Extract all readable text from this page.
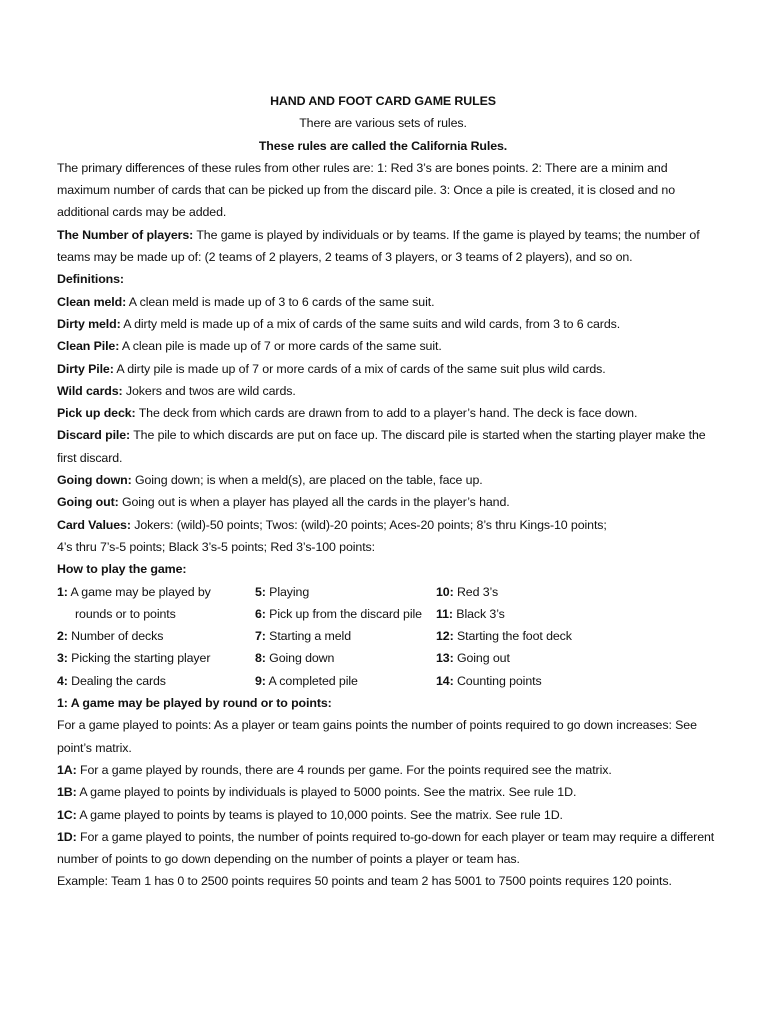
HAND AND FOOT CARD GAME RULES

There are various sets of rules.

These rules are called the California Rules.

The primary differences of these rules from other rules are: 1: Red 3’s are bones points. 2: There are a minim and maximum number of cards that can be picked up from the discard pile. 3: Once a pile is created, it is closed and no additional cards may be added.

The Number of players: The game is played by individuals or by teams. If the game is played by teams; the number of teams may be made up of: (2 teams of 2 players, 2 teams of 3 players, or 3 teams of 2 players), and so on.

Definitions:

Clean meld: A clean meld is made up of 3 to 6 cards of the same suit.

Dirty meld: A dirty meld is made up of a mix of cards of the same suits and wild cards, from 3 to 6 cards.

Clean Pile: A clean pile is made up of 7 or more cards of the same suit.

Dirty Pile: A dirty pile is made up of 7 or more cards of a mix of cards of the same suit plus wild cards.

Wild cards: Jokers and twos are wild cards.

Pick up deck: The deck from which cards are drawn from to add to a player’s hand. The deck is face down.

Discard pile: The pile to which discards are put on face up. The discard pile is started when the starting player make the first discard.

Going down: Going down; is when a meld(s), are placed on the table, face up.

Going out: Going out is when a player has played all the cards in the player’s hand.

Card Values: Jokers: (wild)-50 points; Twos: (wild)-20 points; Aces-20 points; 8’s thru Kings-10 points;

4’s thru 7’s-5 points; Black 3’s-5 points; Red 3’s-100 points:

How to play the game:

1: A game may be played by	5: Playing	10: Red 3’s
rounds or to points	6: Pick up from the discard pile	11: Black 3’s
2: Number of decks	7: Starting a meld	12: Starting the foot deck
3: Picking the starting player	8: Going down	13: Going out
4: Dealing the cards	9: A completed pile	14: Counting points

1: A game may be played by round or to points:

For a game played to points: As a player or team gains points the number of points required to go down increases: See point’s matrix.

1A: For a game played by rounds, there are 4 rounds per game. For the points required see the matrix.

1B: A game played to points by individuals is played to 5000 points. See the matrix. See rule 1D.

1C: A game played to points by teams is played to 10,000 points. See the matrix. See rule 1D.

1D: For a game played to points, the number of points required to-go-down for each player or team may require a different number of points to go down depending on the number of points a player or team has.

Example: Team 1 has 0 to 2500 points requires 50 points and team 2 has 5001 to 7500 points requires 120 points.
